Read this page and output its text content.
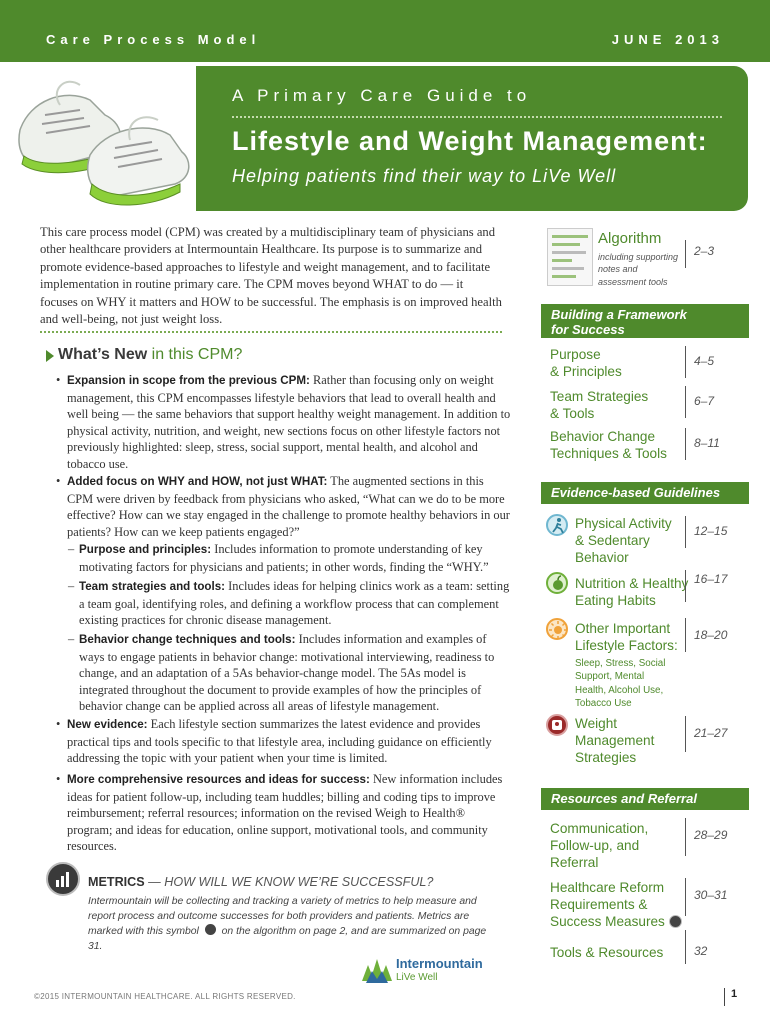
Care Process Model	JUNE 2013
A Primary Care Guide to
Lifestyle and Weight Management:
Helping patients find their way to LiVe Well

This care process model (CPM) was created by a multidisciplinary team of physicians and other healthcare providers at Intermountain Healthcare. Its purpose is to summarize and promote evidence-based approaches to lifestyle and weight management, and to facilitate implementation in routine primary care. The CPM moves beyond WHAT to do — it focuses on WHY it matters and HOW to be successful. The emphasis is on improved health and well-being, not just weight loss.

What’s New in this CPM?
• Expansion in scope from the previous CPM: Rather than focusing only on weight management, this CPM encompasses lifestyle behaviors that lead to overall health and well being — the same behaviors that support healthy weight management. In addition to physical activity, nutrition, and weight, new sections focus on other lifestyle factors not previously highlighted: sleep, stress, social support, mental health, and alcohol and tobacco use.
• Added focus on WHY and HOW, not just WHAT: The augmented sections in this CPM were driven by feedback from physicians who asked, “What can we do to be more effective? How can we stay engaged in the challenge to promote healthy behaviors in our patients? How can we keep patients engaged?”
– Purpose and principles: Includes information to promote understanding of key motivating factors for physicians and patients; in other words, finding the “WHY.”
– Team strategies and tools: Includes ideas for helping clinics work as a team: setting a team goal, identifying roles, and defining a workflow process that can complement existing practices for chronic disease management.
– Behavior change techniques and tools: Includes information and examples of ways to engage patients in behavior change: motivational interviewing, readiness to change, and an adaptation of a 5As behavior-change model. The 5As model is integrated throughout the document to provide examples of how the principles of behavior change can be applied across all areas of lifestyle management.
• New evidence: Each lifestyle section summarizes the latest evidence and provides practical tips and tools specific to that lifestyle area, including guidance on efficiently addressing the topic with your patient when your time is limited.
• More comprehensive resources and ideas for success: New information includes ideas for patient follow-up, including team huddles; billing and coding tips to improve reimbursement; referral resources; information on the revised Weigh to Health® program; and ideas for education, online support, motivational tools, and community resources.
METRICS — HOW WILL WE KNOW WE’RE SUCCESSFUL?
Intermountain will be collecting and tracking a variety of metrics to help measure and report process and outcome successes for both providers and patients. Metrics are marked with this symbol on the algorithm on page 2, and are summarized on page 31.
Intermountain
LiVe Well
©2015 INTERMOUNTAIN HEALTHCARE. ALL RIGHTS RESERVED.	1
Algorithm
including supporting notes and assessment tools
2–3
Building a Framework
for Success
Purpose
& Principles
4–5
Team Strategies
& Tools
6–7
Behavior Change
Techniques & Tools
8–11
Evidence-based Guidelines
Physical Activity
& Sedentary
Behavior
12–15
Nutrition & Healthy
Eating Habits
16–17
Other Important
Lifestyle Factors:
Sleep, Stress, Social Support, Mental Health, Alcohol Use, Tobacco Use
18–20
Weight
Management
Strategies
21–27
Resources and Referral
Communication,
Follow-up, and
Referral
28–29
Healthcare Reform
Requirements &
Success Measures
30–31
Tools & Resources	32
